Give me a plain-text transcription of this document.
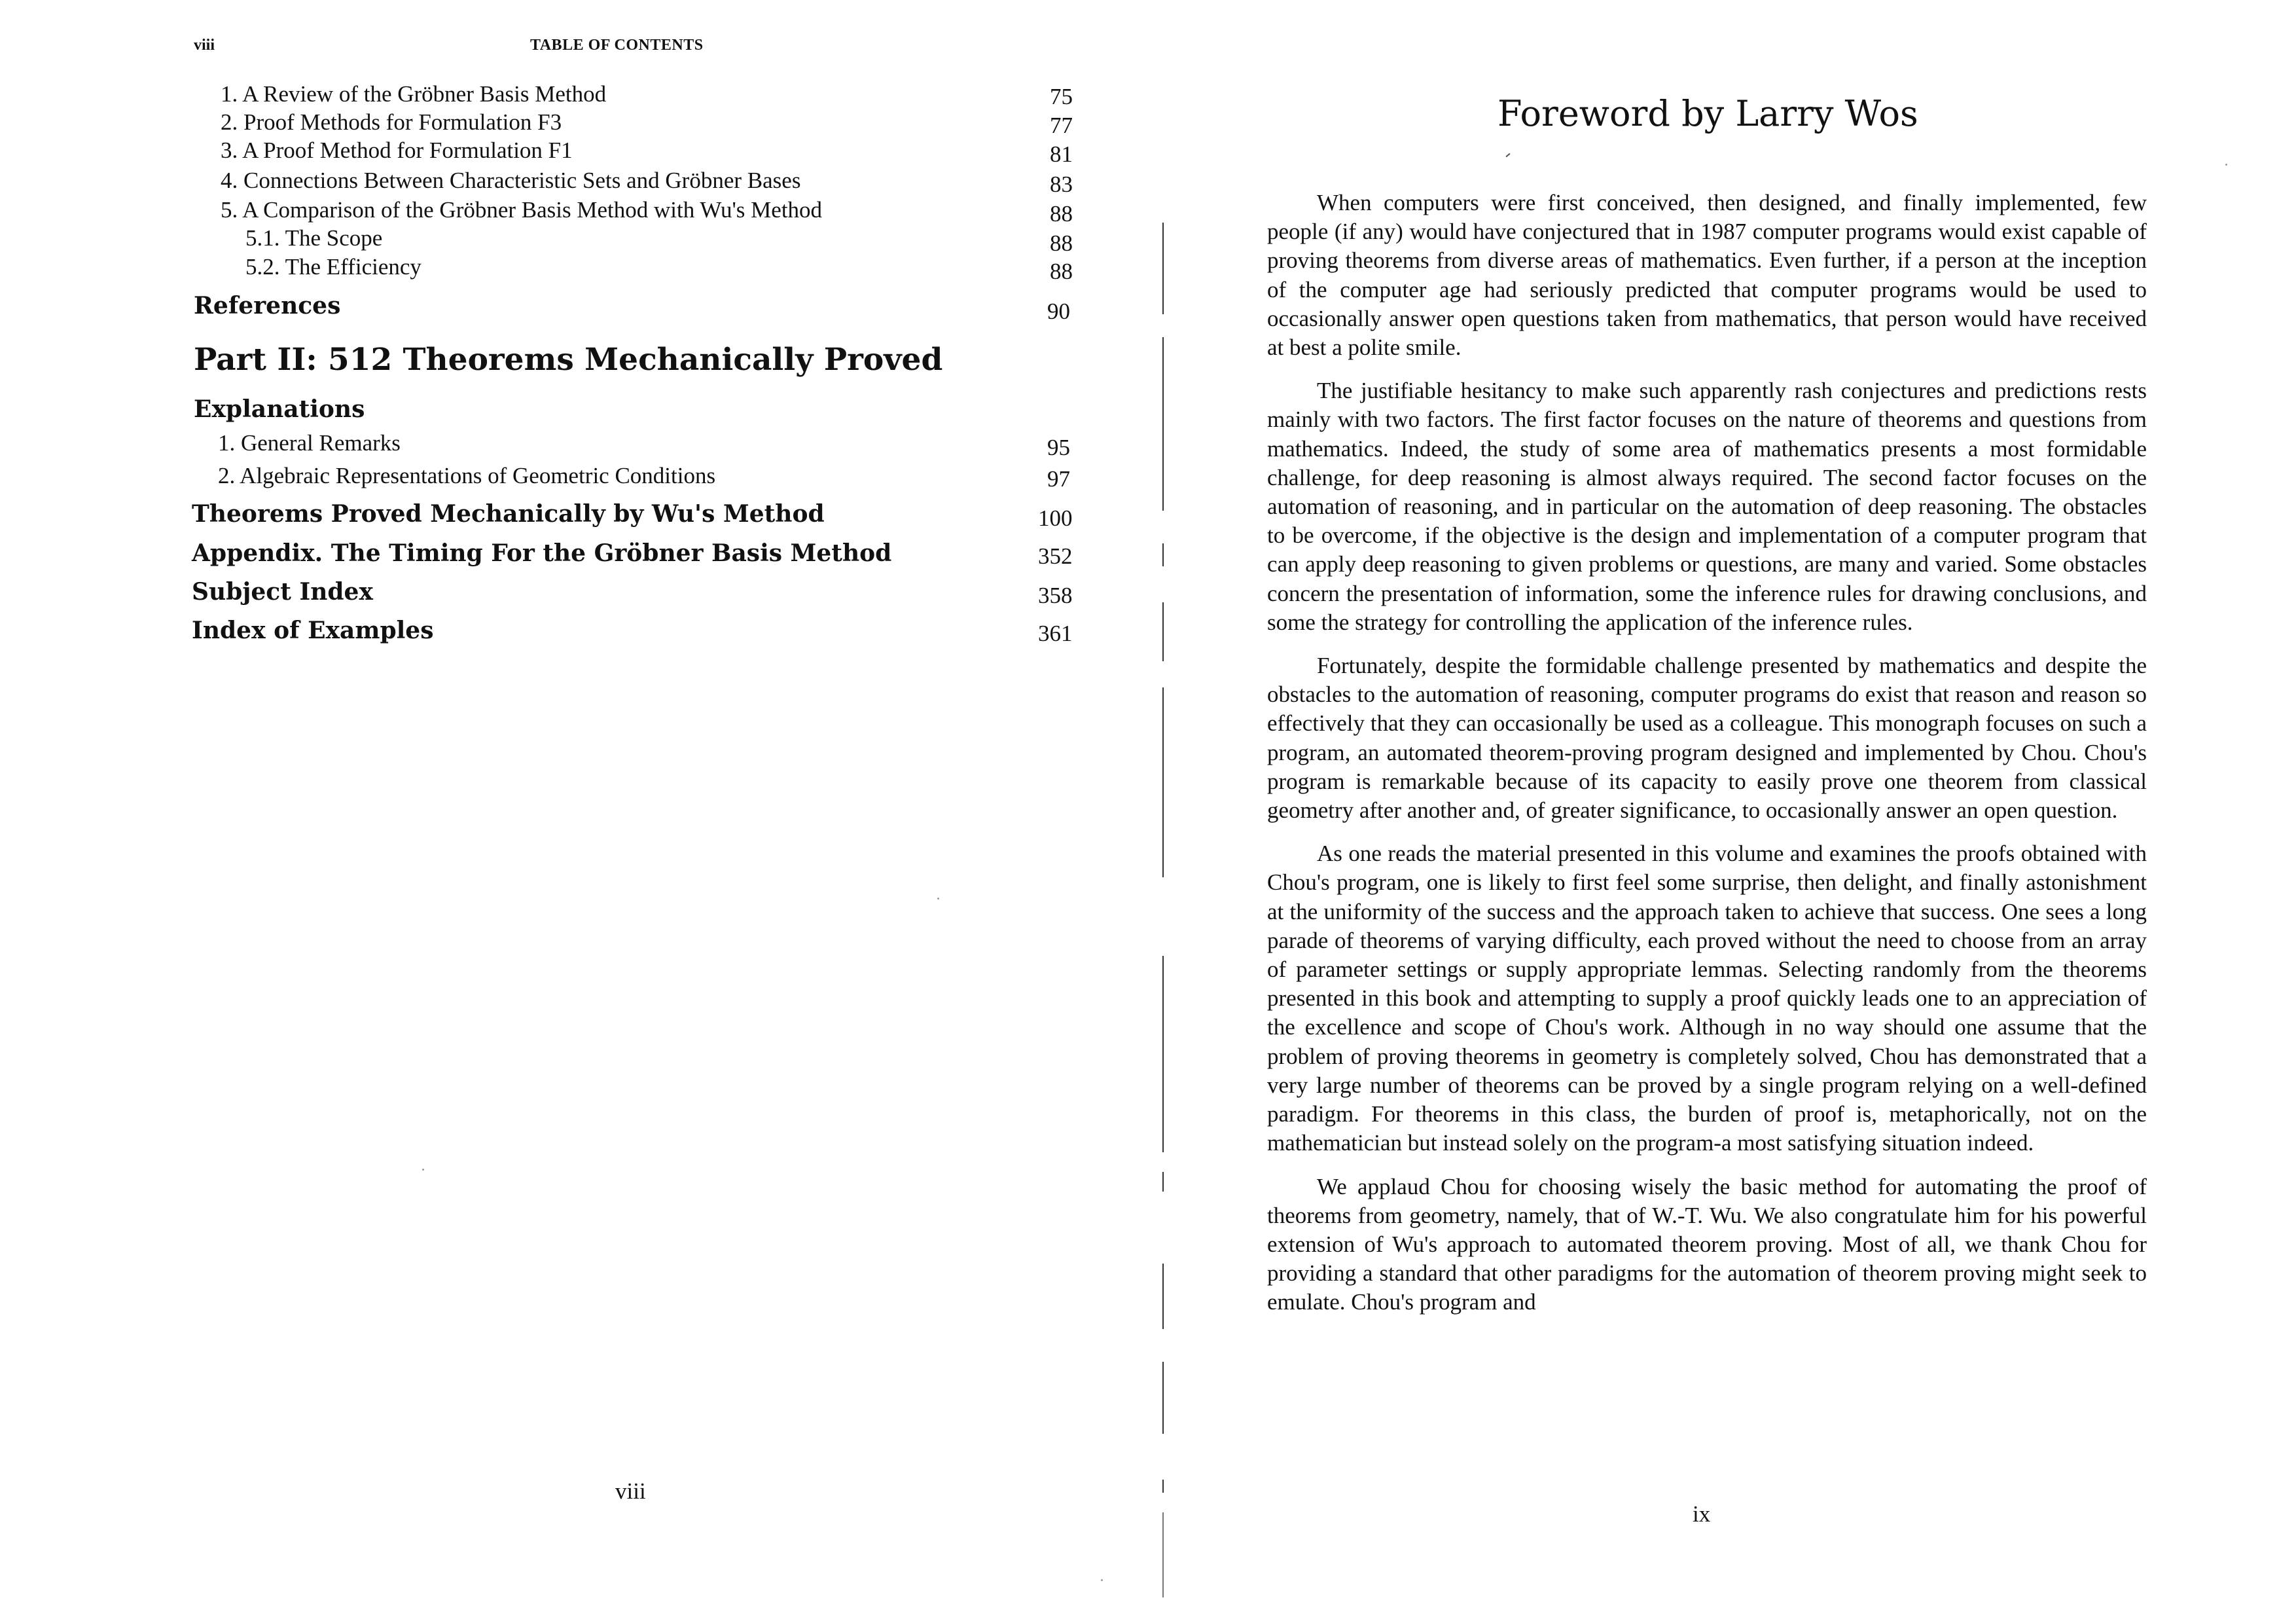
viii	TABLE OF CONTENTS
1. A Review of the Gröbner Basis Method	75
2. Proof Methods for Formulation F3	77
3. A Proof Method for Formulation F1	81
4. Connections Between Characteristic Sets and Gröbner Bases	83
5. A Comparison of the Gröbner Basis Method with Wu's Method	88
5.1. The Scope	88
5.2. The Efficiency	88
References	90
Part II: 512 Theorems Mechanically Proved
Explanations
1. General Remarks	95
2. Algebraic Representations of Geometric Conditions	97
Theorems Proved Mechanically by Wu's Method	100
Appendix. The Timing For the Gröbner Basis Method	352
Subject Index	358
Index of Examples	361
viii
Foreword by Larry Wos

When computers were first conceived, then designed, and finally implemented, few people (if any) would have conjectured that in 1987 computer programs would exist capable of proving theorems from diverse areas of mathematics. Even further, if a person at the inception of the computer age had seriously predicted that computer programs would be used to occasionally answer open questions taken from mathematics, that person would have received at best a polite smile.

The justifiable hesitancy to make such apparently rash conjectures and predictions rests mainly with two factors. The first factor focuses on the nature of theorems and questions from mathematics. Indeed, the study of some area of mathematics presents a most formidable challenge, for deep reasoning is almost always required. The second factor focuses on the automation of reasoning, and in particular on the automation of deep reasoning. The obstacles to be overcome, if the objective is the design and implementation of a computer program that can apply deep reasoning to given problems or questions, are many and varied. Some obstacles concern the presentation of information, some the inference rules for drawing conclusions, and some the strategy for controlling the application of the inference rules.

Fortunately, despite the formidable challenge presented by mathematics and despite the obstacles to the automation of reasoning, computer programs do exist that reason and reason so effectively that they can occasionally be used as a colleague. This monograph focuses on such a program, an automated theorem-proving program designed and implemented by Chou. Chou's program is remarkable because of its capacity to easily prove one theorem from classical geometry after another and, of greater significance, to occasionally answer an open question.

As one reads the material presented in this volume and examines the proofs obtained with Chou's program, one is likely to first feel some surprise, then delight, and finally astonishment at the uniformity of the success and the approach taken to achieve that success. One sees a long parade of theorems of varying difficulty, each proved without the need to choose from an array of parameter settings or supply appropriate lemmas. Selecting randomly from the theorems presented in this book and attempting to supply a proof quickly leads one to an appreciation of the excellence and scope of Chou's work. Although in no way should one assume that the problem of proving theorems in geometry is completely solved, Chou has demonstrated that a very large number of theorems can be proved by a single program relying on a well-defined paradigm. For theorems in this class, the burden of proof is, metaphorically, not on the mathematician but instead solely on the program-a most satisfying situation indeed.

We applaud Chou for choosing wisely the basic method for automating the proof of theorems from geometry, namely, that of W.-T. Wu. We also congratulate him for his powerful extension of Wu's approach to automated theorem proving. Most of all, we thank Chou for providing a standard that other paradigms for the automation of theorem proving might seek to emulate. Chou's program and

ix
